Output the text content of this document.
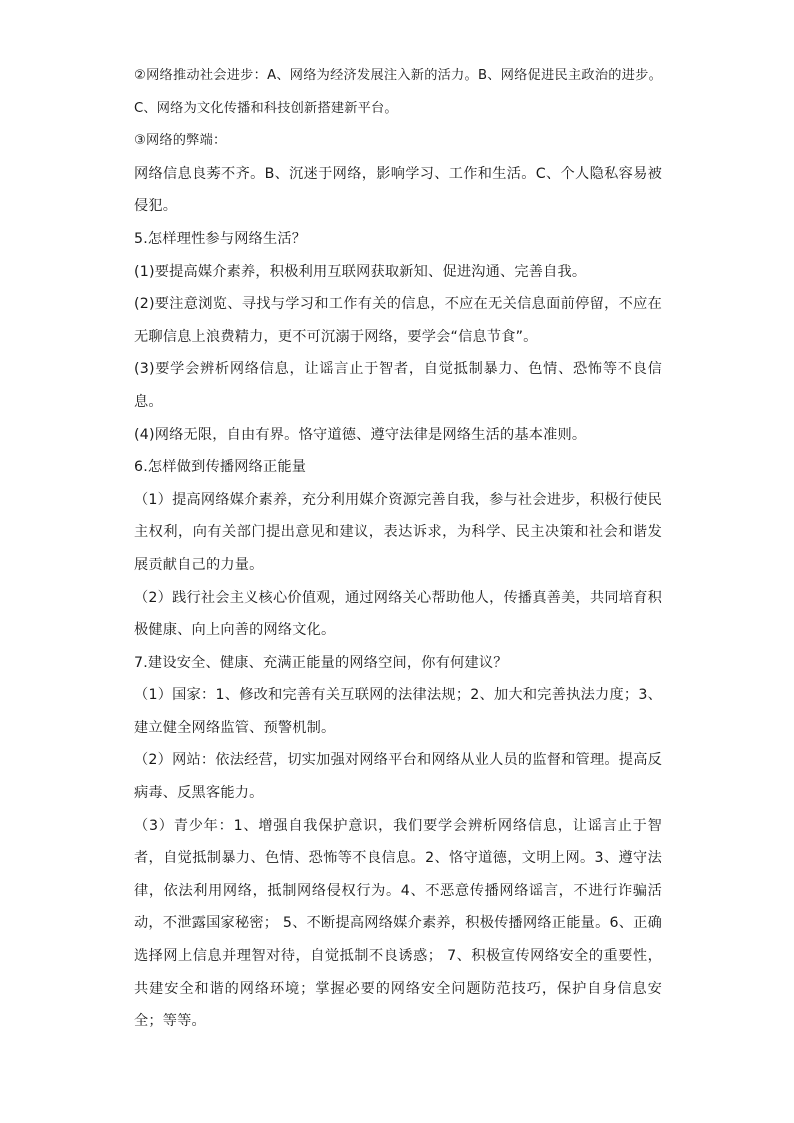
②网络推动社会进步：A、网络为经济发展注入新的活力。B、网络促进民主政治的进步。C、网络为文化传播和科技创新搭建新平台。

③网络的弊端：

网络信息良莠不齐。B、沉迷于网络，影响学习、工作和生活。C、个人隐私容易被侵犯。

5.怎样理性参与网络生活？

(1)要提高媒介素养，积极利用互联网获取新知、促进沟通、完善自我。

(2)要注意浏览、寻找与学习和工作有关的信息，不应在无关信息面前停留，不应在无聊信息上浪费精力，更不可沉溺于网络，要学会“信息节食”。

(3)要学会辨析网络信息，让谣言止于智者，自觉抵制暴力、色情、恐怖等不良信息。

(4)网络无限，自由有界。恪守道德、遵守法律是网络生活的基本准则。

6.怎样做到传播网络正能量

（1）提高网络媒介素养，充分利用媒介资源完善自我，参与社会进步，积极行使民主权利，向有关部门提出意见和建议，表达诉求，为科学、民主决策和社会和谐发展贡献自己的力量。

（2）践行社会主义核心价值观，通过网络关心帮助他人，传播真善美，共同培育积极健康、向上向善的网络文化。

7.建设安全、健康、充满正能量的网络空间，你有何建议？

（1）国家：1、修改和完善有关互联网的法律法规；2、加大和完善执法力度；3、建立健全网络监管、预警机制。

（2）网站：依法经营，切实加强对网络平台和网络从业人员的监督和管理。提高反病毒、反黑客能力。

（3）青少年：1、增强自我保护意识，我们要学会辨析网络信息，让谣言止于智者，自觉抵制暴力、色情、恐怖等不良信息。2、恪守道德，文明上网。3、遵守法律，依法利用网络，抵制网络侵权行为。4、不恶意传播网络谣言，不进行诈骗活动，不泄露国家秘密； 5、不断提高网络媒介素养，积极传播网络正能量。6、正确选择网上信息并理智对待，自觉抵制不良诱惑； 7、积极宣传网络安全的重要性，共建安全和谐的网络环境；掌握必要的网络安全问题防范技巧，保护自身信息安全；等等。
